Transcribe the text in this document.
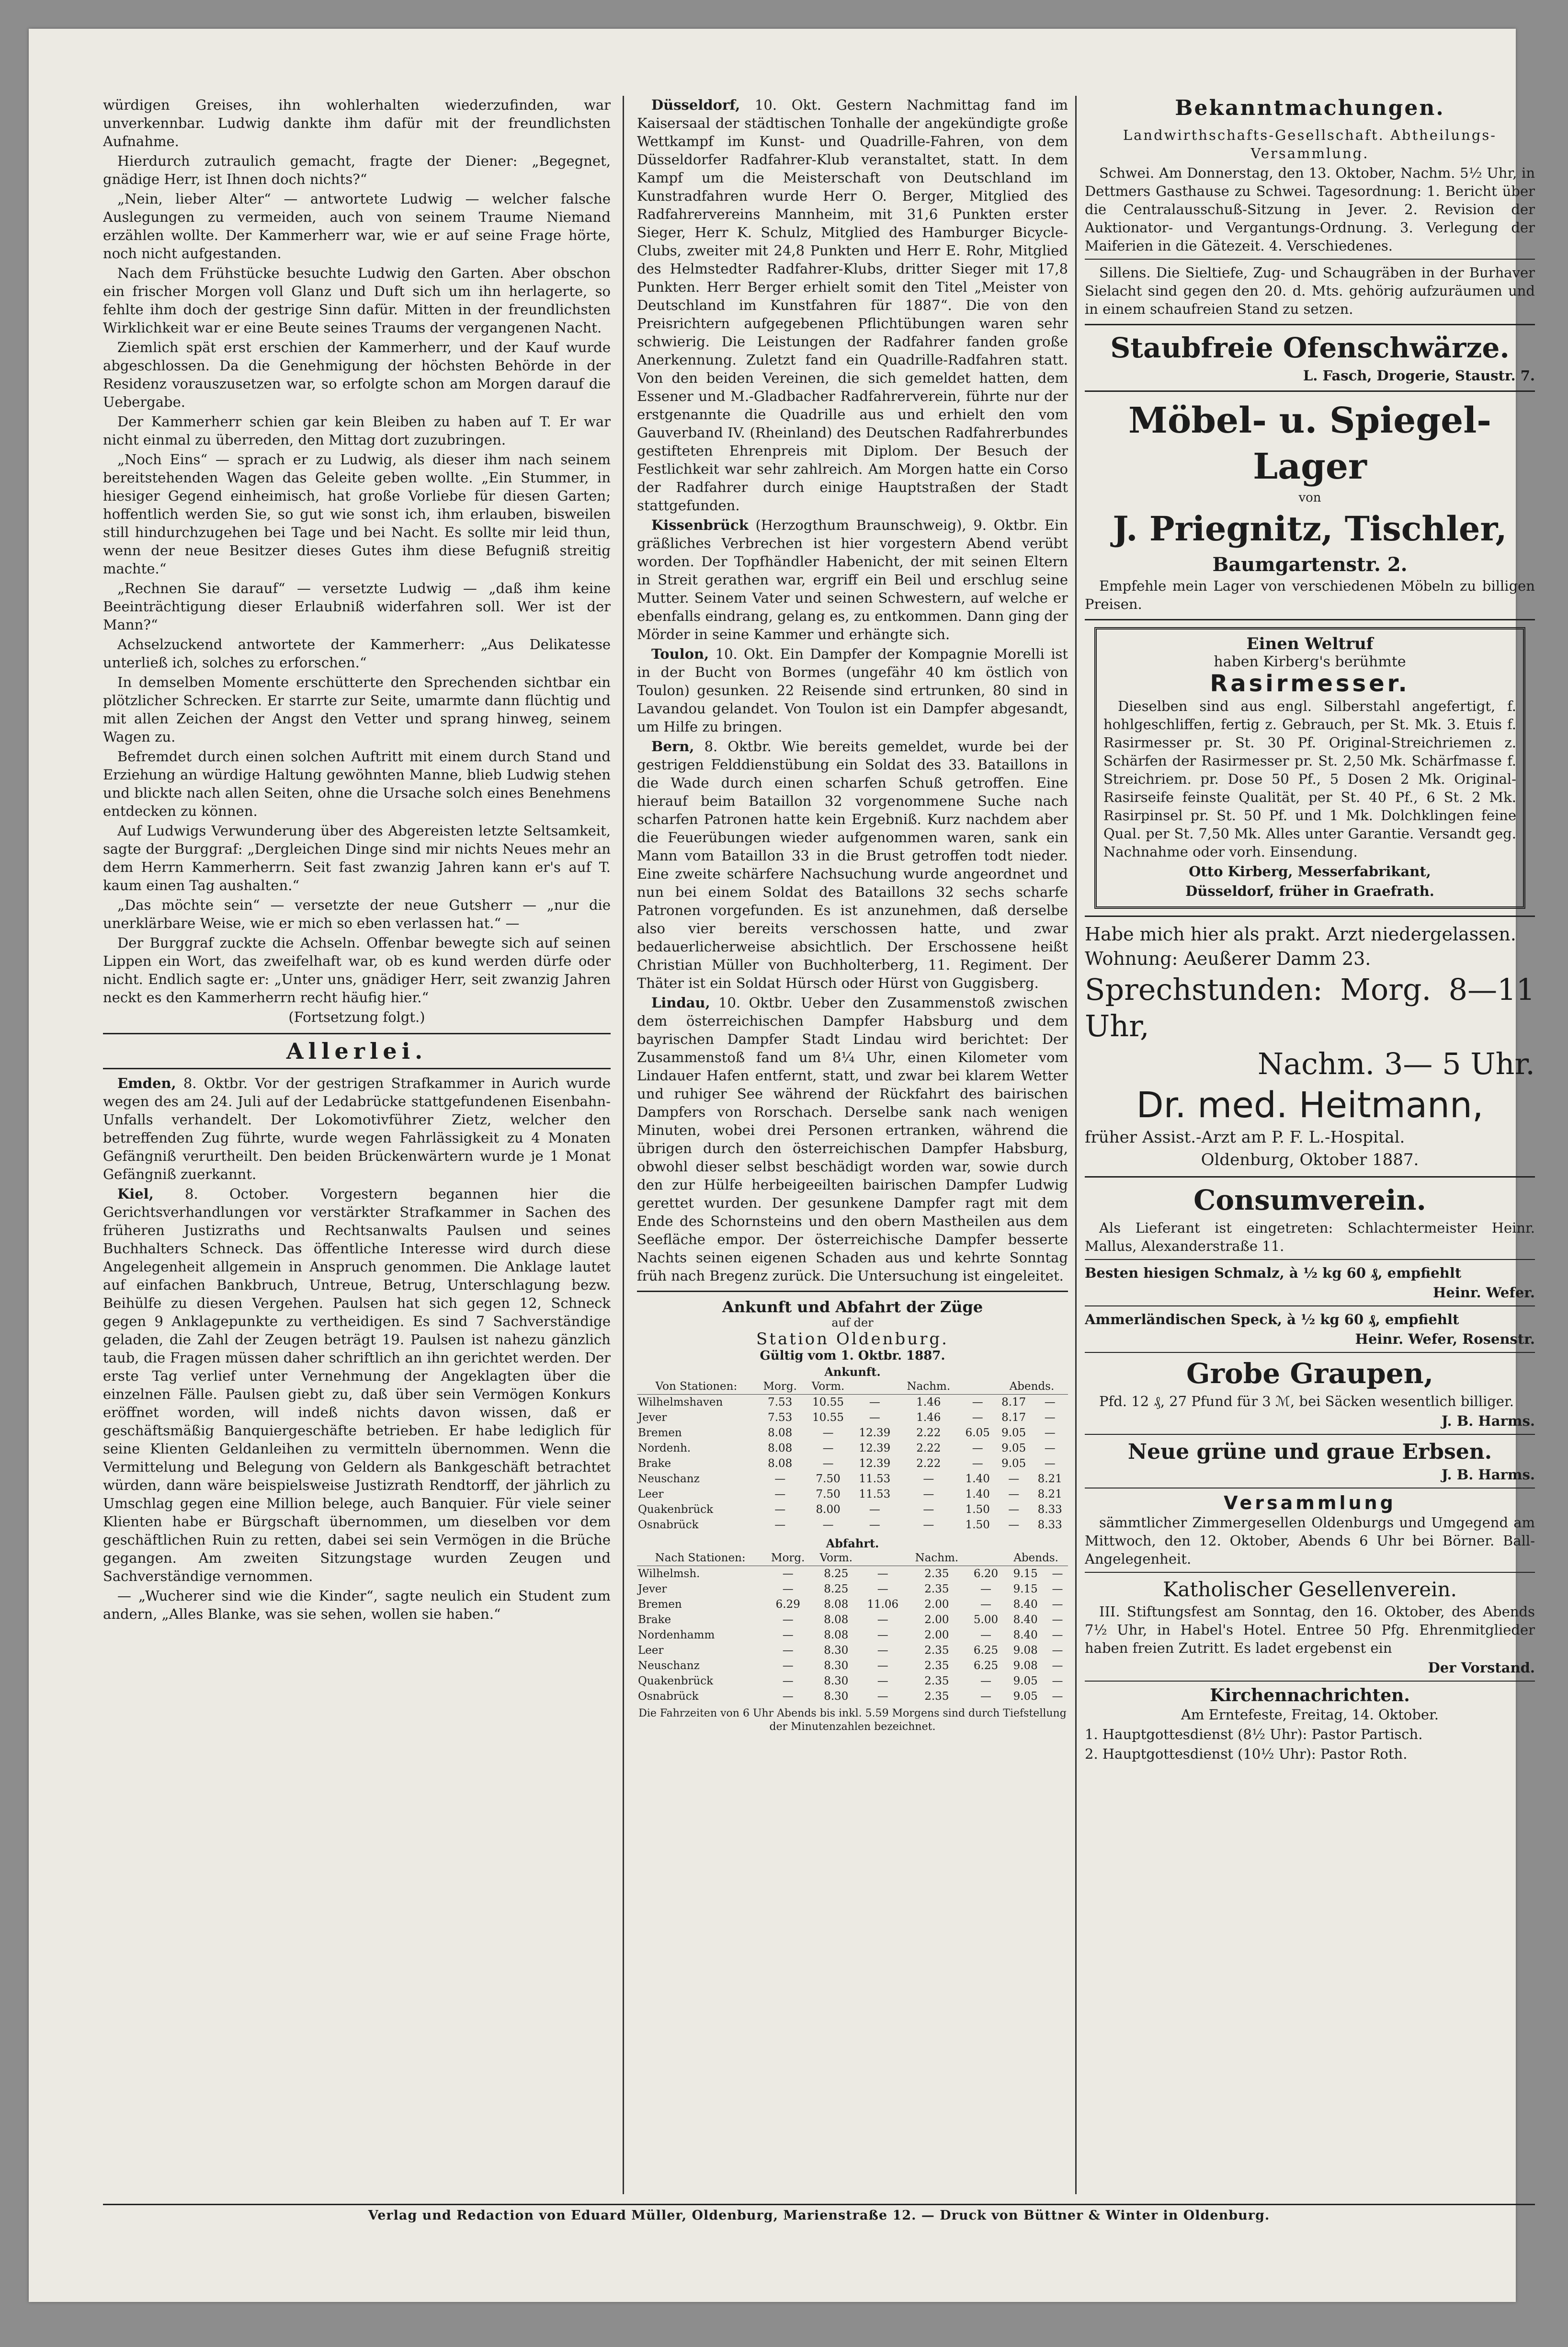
würdigen Greises, ihn wohlerhalten wiederzufinden, war unverkennbar. Ludwig dankte ihm dafür mit der freundlichsten Aufnahme.

Hierdurch zutraulich gemacht, fragte der Diener: „Begegnet, gnädige Herr, ist Ihnen doch nichts?“

„Nein, lieber Alter“ — antwortete Ludwig — welcher falsche Auslegungen zu vermeiden, auch von seinem Traume Niemand erzählen wollte. Der Kammerherr war, wie er auf seine Frage hörte, noch nicht aufgestanden.

Nach dem Frühstücke besuchte Ludwig den Garten. Aber obschon ein frischer Morgen voll Glanz und Duft sich um ihn herlagerte, so fehlte ihm doch der gestrige Sinn dafür. Mitten in der freundlichsten Wirklichkeit war er eine Beute seines Traums der vergangenen Nacht.

Ziemlich spät erst erschien der Kammerherr, und der Kauf wurde abgeschlossen. Da die Genehmigung der höchsten Behörde in der Residenz vorauszusetzen war, so erfolgte schon am Morgen darauf die Uebergabe.

Der Kammerherr schien gar kein Bleiben zu haben auf T. Er war nicht einmal zu überreden, den Mittag dort zuzubringen.

„Noch Eins“ — sprach er zu Ludwig, als dieser ihm nach seinem bereitstehenden Wagen das Geleite geben wollte. „Ein Stummer, in hiesiger Gegend einheimisch, hat große Vorliebe für diesen Garten; hoffentlich werden Sie, so gut wie sonst ich, ihm erlauben, bisweilen still hindurchzugehen bei Tage und bei Nacht. Es sollte mir leid thun, wenn der neue Besitzer dieses Gutes ihm diese Befugniß streitig machte.“

„Rechnen Sie darauf“ — versetzte Ludwig — „daß ihm keine Beeinträchtigung dieser Erlaubniß widerfahren soll. Wer ist der Mann?“

Achselzuckend antwortete der Kammerherr: „Aus Delikatesse unterließ ich, solches zu erforschen.“

In demselben Momente erschütterte den Sprechenden sichtbar ein plötzlicher Schrecken. Er starrte zur Seite, umarmte dann flüchtig und mit allen Zeichen der Angst den Vetter und sprang hinweg, seinem Wagen zu.

Befremdet durch einen solchen Auftritt mit einem durch Stand und Erziehung an würdige Haltung gewöhnten Manne, blieb Ludwig stehen und blickte nach allen Seiten, ohne die Ursache solch eines Benehmens entdecken zu können.

Auf Ludwigs Verwunderung über des Abgereisten letzte Seltsamkeit, sagte der Burggraf: „Dergleichen Dinge sind mir nichts Neues mehr an dem Herrn Kammerherrn. Seit fast zwanzig Jahren kann er's auf T. kaum einen Tag aushalten.“

„Das möchte sein“ — versetzte der neue Gutsherr — „nur die unerklärbare Weise, wie er mich so eben verlassen hat.“ —

Der Burggraf zuckte die Achseln. Offenbar bewegte sich auf seinen Lippen ein Wort, das zweifelhaft war, ob es kund werden dürfe oder nicht. Endlich sagte er: „Unter uns, gnädiger Herr, seit zwanzig Jahren neckt es den Kammerherrn recht häufig hier.“

(Fortsetzung folgt.)

Allerlei.

Emden, 8. Oktbr. Vor der gestrigen Strafkammer in Aurich wurde wegen des am 24. Juli auf der Ledabrücke stattgefundenen Eisenbahn-Unfalls verhandelt. Der Lokomotivführer Zietz, welcher den betreffenden Zug führte, wurde wegen Fahrlässigkeit zu 4 Monaten Gefängniß verurtheilt. Den beiden Brückenwärtern wurde je 1 Monat Gefängniß zuerkannt.

Kiel, 8. October. Vorgestern begannen hier die Gerichtsverhandlungen vor verstärkter Strafkammer in Sachen des früheren Justizraths und Rechtsanwalts Paulsen und seines Buchhalters Schneck. Das öffentliche Interesse wird durch diese Angelegenheit allgemein in Anspruch genommen. Die Anklage lautet auf einfachen Bankbruch, Untreue, Betrug, Unterschlagung bezw. Beihülfe zu diesen Vergehen. Paulsen hat sich gegen 12, Schneck gegen 9 Anklagepunkte zu vertheidigen. Es sind 7 Sachverständige geladen, die Zahl der Zeugen beträgt 19. Paulsen ist nahezu gänzlich taub, die Fragen müssen daher schriftlich an ihn gerichtet werden. Der erste Tag verlief unter Vernehmung der Angeklagten über die einzelnen Fälle. Paulsen giebt zu, daß über sein Vermögen Konkurs eröffnet worden, will indeß nichts davon wissen, daß er geschäftsmäßig Banquiergeschäfte betrieben. Er habe lediglich für seine Klienten Geldanleihen zu vermitteln übernommen. Wenn die Vermittelung und Belegung von Geldern als Bankgeschäft betrachtet würden, dann wäre beispielsweise Justizrath Rendtorff, der jährlich zu Umschlag gegen eine Million belege, auch Banquier. Für viele seiner Klienten habe er Bürgschaft übernommen, um dieselben vor dem geschäftlichen Ruin zu retten, dabei sei sein Vermögen in die Brüche gegangen. Am zweiten Sitzungstage wurden Zeugen und Sachverständige vernommen.

— „Wucherer sind wie die Kinder“, sagte neulich ein Student zum andern, „Alles Blanke, was sie sehen, wollen sie haben.“

Düsseldorf, 10. Okt. Gestern Nachmittag fand im Kaisersaal der städtischen Tonhalle der angekündigte große Wettkampf im Kunst- und Quadrille-Fahren, von dem Düsseldorfer Radfahrer-Klub veranstaltet, statt. In dem Kampf um die Meisterschaft von Deutschland im Kunstradfahren wurde Herr O. Berger, Mitglied des Radfahrervereins Mannheim, mit 31,6 Punkten erster Sieger, Herr K. Schulz, Mitglied des Hamburger Bicycle-Clubs, zweiter mit 24,8 Punkten und Herr E. Rohr, Mitglied des Helmstedter Radfahrer-Klubs, dritter Sieger mit 17,8 Punkten. Herr Berger erhielt somit den Titel „Meister von Deutschland im Kunstfahren für 1887“. Die von den Preisrichtern aufgegebenen Pflichtübungen waren sehr schwierig. Die Leistungen der Radfahrer fanden große Anerkennung. Zuletzt fand ein Quadrille-Radfahren statt. Von den beiden Vereinen, die sich gemeldet hatten, dem Essener und M.-Gladbacher Radfahrerverein, führte nur der erstgenannte die Quadrille aus und erhielt den vom Gauverband IV. (Rheinland) des Deutschen Radfahrerbundes gestifteten Ehrenpreis mit Diplom. Der Besuch der Festlichkeit war sehr zahlreich. Am Morgen hatte ein Corso der Radfahrer durch einige Hauptstraßen der Stadt stattgefunden.

Kissenbrück (Herzogthum Braunschweig), 9. Oktbr. Ein gräßliches Verbrechen ist hier vorgestern Abend verübt worden. Der Topfhändler Habenicht, der mit seinen Eltern in Streit gerathen war, ergriff ein Beil und erschlug seine Mutter. Seinem Vater und seinen Schwestern, auf welche er ebenfalls eindrang, gelang es, zu entkommen. Dann ging der Mörder in seine Kammer und erhängte sich.

Toulon, 10. Okt. Ein Dampfer der Kompagnie Morelli ist in der Bucht von Bormes (ungefähr 40 km östlich von Toulon) gesunken. 22 Reisende sind ertrunken, 80 sind in Lavandou gelandet. Von Toulon ist ein Dampfer abgesandt, um Hilfe zu bringen.

Bern, 8. Oktbr. Wie bereits gemeldet, wurde bei der gestrigen Felddienstübung ein Soldat des 33. Bataillons in die Wade durch einen scharfen Schuß getroffen. Eine hierauf beim Bataillon 32 vorgenommene Suche nach scharfen Patronen hatte kein Ergebniß. Kurz nachdem aber die Feuerübungen wieder aufgenommen waren, sank ein Mann vom Bataillon 33 in die Brust getroffen todt nieder. Eine zweite schärfere Nachsuchung wurde angeordnet und nun bei einem Soldat des Bataillons 32 sechs scharfe Patronen vorgefunden. Es ist anzunehmen, daß derselbe also vier bereits verschossen hatte, und zwar bedauerlicherweise absichtlich. Der Erschossene heißt Christian Müller von Buchholterberg, 11. Regiment. Der Thäter ist ein Soldat Hürsch oder Hürst von Guggisberg.

Lindau, 10. Oktbr. Ueber den Zusammenstoß zwischen dem österreichischen Dampfer Habsburg und dem bayrischen Dampfer Stadt Lindau wird berichtet: Der Zusammenstoß fand um 8¼ Uhr, einen Kilometer vom Lindauer Hafen entfernt, statt, und zwar bei klarem Wetter und ruhiger See während der Rückfahrt des bairischen Dampfers von Rorschach. Derselbe sank nach wenigen Minuten, wobei drei Personen ertranken, während die übrigen durch den österreichischen Dampfer Habsburg, obwohl dieser selbst beschädigt worden war, sowie durch den zur Hülfe herbeigeeilten bairischen Dampfer Ludwig gerettet wurden. Der gesunkene Dampfer ragt mit dem Ende des Schornsteins und den obern Mastheilen aus dem Seefläche empor. Der österreichische Dampfer besserte Nachts seinen eigenen Schaden aus und kehrte Sonntag früh nach Bregenz zurück. Die Untersuchung ist eingeleitet.

Ankunft und Abfahrt der Züge
auf der
Station Oldenburg.
Gültig vom 1. Oktbr. 1887.
Ankunft.
Von Stationen:	Morg.	Vorm.		Nachm.		Abends.	
Wilhelmshaven	7.53	10.55	—	1.46	—	8.17	—
Jever	7.53	10.55	—	1.46	—	8.17	—
Bremen	8.08	—	12.39	2.22	6.05	9.05	—
Nordenh.	8.08	—	12.39	2.22	—	9.05	—
Brake	8.08	—	12.39	2.22	—	9.05	—
Neuschanz	—	7.50	11.53	—	1.40	—	8.21
Leer	—	7.50	11.53	—	1.40	—	8.21
Quakenbrück	—	8.00	—	—	1.50	—	8.33
Osnabrück	—	—	—	—	1.50	—	8.33
Abfahrt.
Nach Stationen:	Morg.	Vorm.		Nachm.		Abends.	
Wilhelmsh.	—	8.25	—	2.35	6.20	9.15	—
Jever	—	8.25	—	2.35	—	9.15	—
Bremen	6.29	8.08	11.06	2.00	—	8.40	—
Brake	—	8.08	—	2.00	5.00	8.40	—
Nordenhamm	—	8.08	—	2.00	—	8.40	—
Leer	—	8.30	—	2.35	6.25	9.08	—
Neuschanz	—	8.30	—	2.35	6.25	9.08	—
Quakenbrück	—	8.30	—	2.35	—	9.05	—
Osnabrück	—	8.30	—	2.35	—	9.05	—

Die Fahrzeiten von 6 Uhr Abends bis inkl. 5.59 Morgens sind durch Tiefstellung der Minutenzahlen bezeichnet.

Bekanntmachungen.

Landwirthschafts-Gesellschaft. Abtheilungs-Versammlung.

Schwei. Am Donnerstag, den 13. Oktober, Nachm. 5½ Uhr, in Dettmers Gasthause zu Schwei. Tagesordnung: 1. Bericht über die Centralausschuß-Sitzung in Jever. 2. Revision der Auktionator- und Vergantungs-Ordnung. 3. Verlegung der Maiferien in die Gätezeit. 4. Verschiedenes.

Sillens. Die Sieltiefe, Zug- und Schaugräben in der Burhaver Sielacht sind gegen den 20. d. Mts. gehörig aufzuräumen und in einem schaufreien Stand zu setzen.

Staubfreie Ofenschwärze.

L. Fasch, Drogerie, Staustr. 7.

Möbel- u. Spiegel-Lager
von
J. Priegnitz, Tischler,
Baumgartenstr. 2.

Empfehle mein Lager von verschiedenen Möbeln zu billigen Preisen.

Einen Weltruf
haben Kirberg's berühmte
Rasirmesser.

Dieselben sind aus engl. Silberstahl angefertigt, f. hohlgeschliffen, fertig z. Gebrauch, per St. Mk. 3. Etuis f. Rasirmesser pr. St. 30 Pf. Original-Streichriemen z. Schärfen der Rasirmesser pr. St. 2,50 Mk. Schärfmasse f. Streichriem. pr. Dose 50 Pf., 5 Dosen 2 Mk. Original-Rasirseife feinste Qualität, per St. 40 Pf., 6 St. 2 Mk. Rasirpinsel pr. St. 50 Pf. und 1 Mk. Dolchklingen feine Qual. per St. 7,50 Mk. Alles unter Garantie. Versandt geg. Nachnahme oder vorh. Einsendung.

Otto Kirberg, Messerfabrikant,

Düsseldorf, früher in Graefrath.

Habe mich hier als prakt. Arzt niedergelassen.

Wohnung: Aeußerer Damm 23.

Sprechstunden: Morg. 8—11 Uhr,

Nachm. 3— 5 Uhr.

Dr. med. Heitmann,

früher Assist.-Arzt am P. F. L.-Hospital.

Oldenburg, Oktober 1887.

Consumverein.

Als Lieferant ist eingetreten: Schlachtermeister Heinr. Mallus, Alexanderstraße 11.

Besten hiesigen Schmalz, à ½ kg 60 ₰, empfiehlt

Heinr. Wefer.

Ammerländischen Speck, à ½ kg 60 ₰, empfiehlt

Heinr. Wefer, Rosenstr.

Grobe Graupen,

Pfd. 12 ₰, 27 Pfund für 3 ℳ, bei Säcken wesentlich billiger.

J. B. Harms.

Neue grüne und graue Erbsen.

J. B. Harms.

Versammlung

sämmtlicher Zimmergesellen Oldenburgs und Umgegend am Mittwoch, den 12. Oktober, Abends 6 Uhr bei Börner. Ball-Angelegenheit.

Katholischer Gesellenverein.

III. Stiftungsfest am Sonntag, den 16. Oktober, des Abends 7½ Uhr, in Habel's Hotel. Entree 50 Pfg. Ehrenmitglieder haben freien Zutritt. Es ladet ergebenst ein

Der Vorstand.

Kirchennachrichten.

Am Erntefeste, Freitag, 14. Oktober.

1. Hauptgottesdienst (8½ Uhr): Pastor Partisch.

2. Hauptgottesdienst (10½ Uhr): Pastor Roth.

Verlag und Redaction von Eduard Müller, Oldenburg, Marienstraße 12. — Druck von Büttner & Winter in Oldenburg.
